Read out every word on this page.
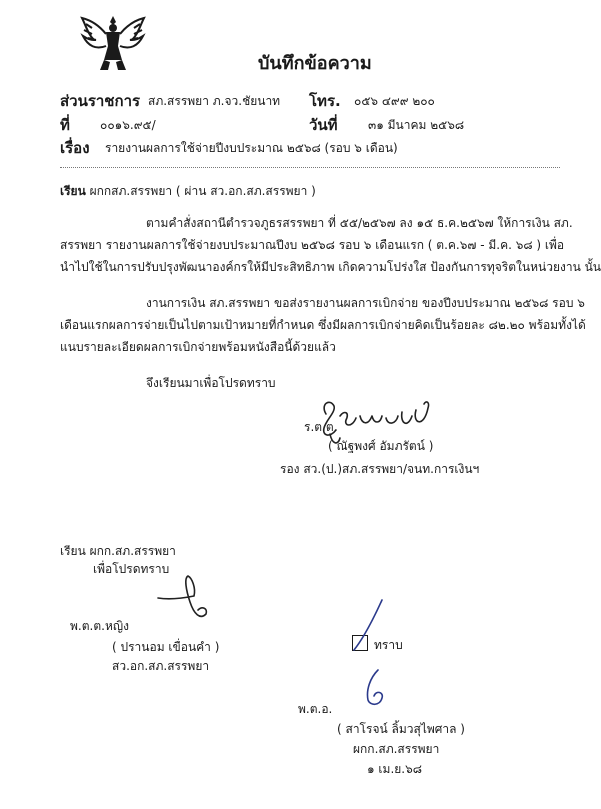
บันทึกข้อความ
ส่วนราชการ สภ.สรรพยา ภ.จว.ชัยนาท โทร. ๐๕๖ ๔๙๙ ๒๐๐
ที่	๐๐๑๖.๙๕/	วันที่	๓๑ มีนาคม ๒๕๖๘
เรื่อง รายงานผลการใช้จ่ายปีงบประมาณ ๒๕๖๘ (รอบ ๖ เดือน)
เรียน ผกกสภ.สรรพยา ( ผ่าน สว.อก.สภ.สรรพยา )
ตามคำสั่งสถานีตำรวจภูธรสรรพยา ที่ ๕๕/๒๕๖๗ ลง ๑๕ ธ.ค.๒๕๖๗ ให้การเงิน สภ.
สรรพยา รายงานผลการใช้จ่ายงบประมาณปีงบ ๒๕๖๘ รอบ ๖ เดือนแรก ( ต.ค.๖๗ - มี.ค. ๖๘ ) เพื่อ
นำไปใช้ในการปรับปรุงพัฒนาองค์กรให้มีประสิทธิภาพ เกิดความโปร่งใส ป้องกันการทุจริตในหน่วยงาน นั้น
งานการเงิน สภ.สรรพยา ขอส่งรายงานผลการเบิกจ่าย ของปีงบประมาณ ๒๕๖๘ รอบ ๖
เดือนแรกผลการจ่ายเป็นไปตามเป้าหมายที่กำหนด ซึ่งมีผลการเบิกจ่ายคิดเป็นร้อยละ ๘๒.๒๐ พร้อมทั้งได้
แนบรายละเอียดผลการเบิกจ่ายพร้อมหนังสือนี้ด้วยแล้ว
จึงเรียนมาเพื่อโปรดทราบ
ร.ต.ต.
( ณัฐพงศ์ อัมภรัตน์ )
รอง สว.(ป.)สภ.สรรพยา/จนท.การเงินฯ
เรียน ผกก.สภ.สรรพยา
เพื่อโปรดทราบ
พ.ต.ต.หญิง
( ปรานอม เขื่อนคำ )
สว.อก.สภ.สรรพยา
ทราบ
พ.ต.อ.
( สาโรจน์ ลิ้มวสุไพศาล )
ผกก.สภ.สรรพยา
๑ เม.ย.๖๘
